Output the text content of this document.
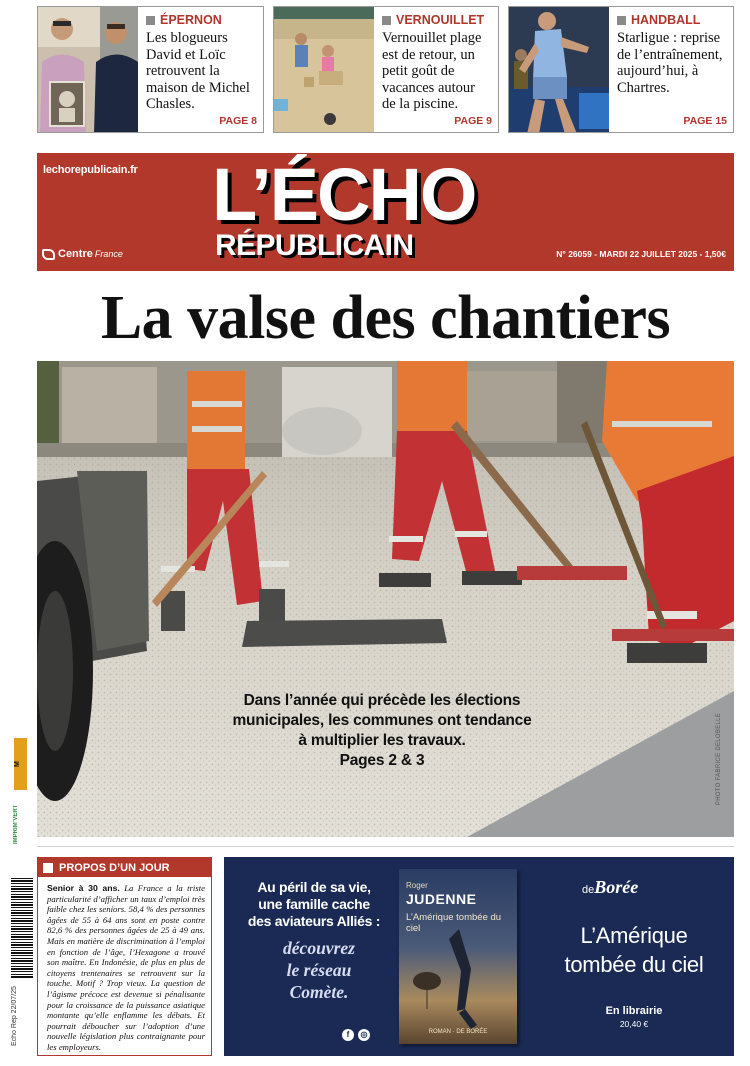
ÉPERNON
Les blogueurs David et Loïc retrouvent la maison de Michel Chasles.
PAGE 8
VERNOUILLET
Vernouillet plage est de retour, un petit goût de vacances autour de la piscine.
PAGE 9
HANDBALL
Starligue : reprise de l’entraînement, aujourd’hui, à Chartres.
PAGE 15
lechorepublicain.fr L’ÉCHO
RÉPUBLICAIN
Centre France	N° 26059 - MARDI 22 JUILLET 2025 - 1,50€
La valse des chantiers
Dans l’année qui précède les élections
municipales, les communes ont tendance
à multiplier les travaux.
Pages 2 & 3	PHOTO FABRICE DELOBELLE
M
IMPRIM’VERT
PROPOS D’UN JOUR
Senior à 30 ans. La France a la triste particularité d’afficher un taux d’emploi très faible chez les seniors. 58,4 % des personnes âgées de 55 à 64 ans sont en poste contre 82,6 % des personnes âgées de 25 à 49 ans. Mais en matière de discrimination à l’emploi en fonction de l’âge, l’Hexagone a trouvé son maître. En Indonésie, de plus en plus de citoyens trentenaires se retrouvent sur la touche. Motif ? Trop vieux. La question de l’âgisme précoce est devenue si pénalisante pour la croissance de la puissance asiatique montante qu’elle enflamme les débats. Et pourrait déboucher sur l’adoption d’une nouvelle législation plus contraignante pour les employeurs.
Echo Rep 22/07/25
Au péril de sa vie,
une famille cache
des aviateurs Alliés :
découvrez
le réseau
Comète.
f	◎
Roger
JUDENNE
L’Amérique tombée du ciel
ROMAN · DE BORÉE
deBorée
L’Amérique
tombée du ciel
En librairie
20,40 €
